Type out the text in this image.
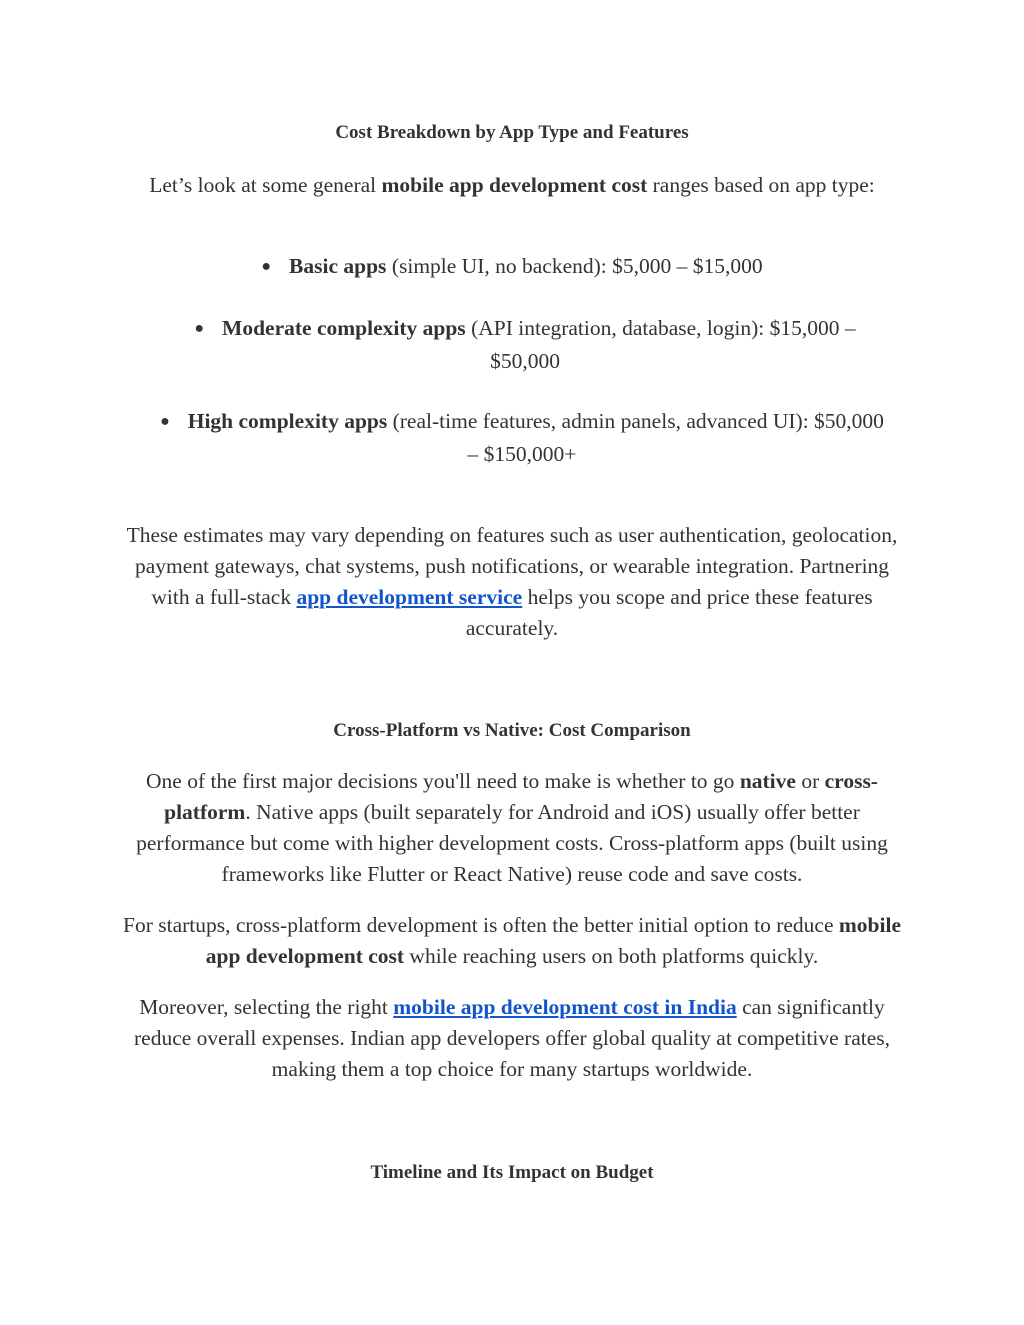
Cost Breakdown by App Type and Features
Let’s look at some general mobile app development cost ranges based on app type:
● Basic apps (simple UI, no backend): $5,000 – $15,000
● Moderate complexity apps (API integration, database, login): $15,000 – $50,000
● High complexity apps (real-time features, admin panels, advanced UI): $50,000 – $150,000+
These estimates may vary depending on features such as user authentication, geolocation, payment gateways, chat systems, push notifications, or wearable integration. Partnering with a full-stack app development service helps you scope and price these features accurately.
Cross-Platform vs Native: Cost Comparison
One of the first major decisions you'll need to make is whether to go native or cross-platform. Native apps (built separately for Android and iOS) usually offer better performance but come with higher development costs. Cross-platform apps (built using frameworks like Flutter or React Native) reuse code and save costs.
For startups, cross-platform development is often the better initial option to reduce mobile app development cost while reaching users on both platforms quickly.
Moreover, selecting the right mobile app development cost in India can significantly reduce overall expenses. Indian app developers offer global quality at competitive rates, making them a top choice for many startups worldwide.
Timeline and Its Impact on Budget
